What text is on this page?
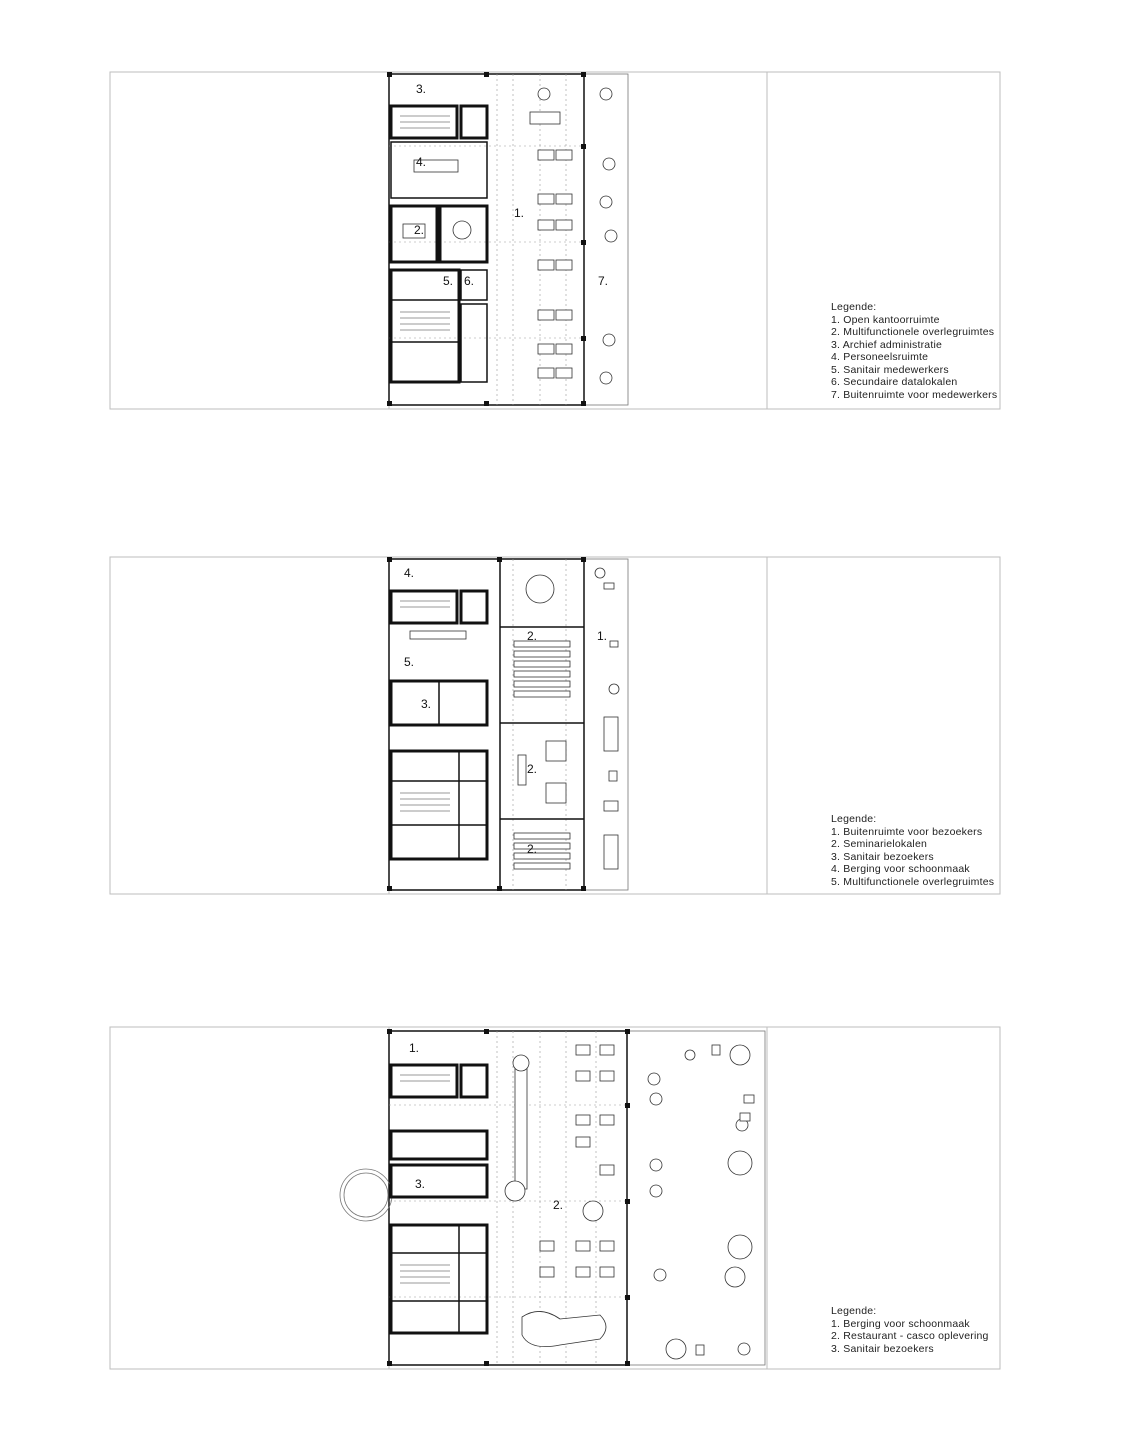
3.
4.
2.
1.
5. 6.	7.

Legende:

1. Open kantoorruimte
2. Multifunctionele overlegruimtes
3. Archief administratie
4. Personeelsruimte
5. Sanitair medewerkers
6. Secundaire datalokalen
7. Buitenruimte voor medewerkers
4.
5.
3.
2.
2.
2.
1.

Legende:

1. Buitenruimte voor bezoekers
2. Seminarielokalen
3. Sanitair bezoekers
4. Berging voor schoonmaak
5. Multifunctionele overlegruimtes
1.
3.
2.

Legende:

1. Berging voor schoonmaak
2. Restaurant - casco oplevering
3. Sanitair bezoekers
